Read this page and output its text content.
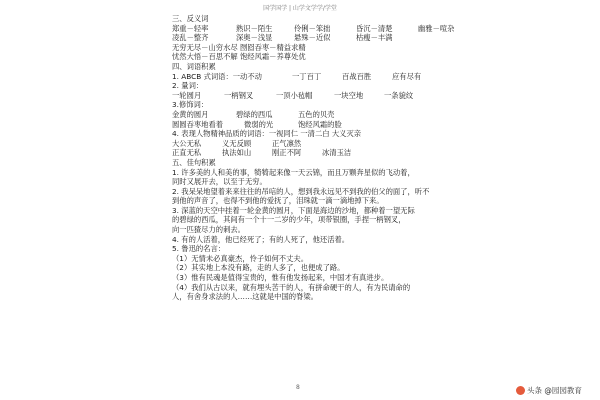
国学国学 | 山学文学学/学堂
三、反义词
郑重－轻率	熟识－陌生	伶俐－笨拙	昏沉－清楚	幽雅－喧杂
凌乱－整齐	深奥－浅显	悬殊－近似	枯瘦－丰满
无穷无尽－山穷水尽 囫囵吞枣－精益求精
忧然大悟－百思不解 饱经风霜－养尊处优
四、词语积累
1. ABCB 式词语：一动不动	一丁百丁	百战百胜	应有尽有
2. 量词：
一轮圆月	一柄钢叉	一顶小毡帽	一块空地	一条貌纹
3.修饰词：
金黄的圆月	碧绿的西瓜	五色的贝壳
圆圆吞枣地看着	微弱的光	饱经风霜的脸
4. 表现人物精神品质的词语：一视同仁 一清二白 大义灭亲
大公无私	义无反顾	正气凛然
正直无私	执法如山	刚正不阿	冰清玉洁
五、佳句积累
1. 许多美的人和美的事，犄犄起来像一天云锦，而且万颗奔星似的飞动着，
同时又展开去，以至于无穷。
2. 我呆呆地望着来来往往的吊唁的人，想到我永远见不到我的伯父的面了，听不
到他的声音了，也得不到他的爱抚了，泪珠就一滴一滴地掉下来。
3. 深蓝的天空中挂着一轮金黄的圆月，下面是海边的沙地，都种着一望无际
的碧绿的西瓜，其间有一个十一二岁的少年，项带银圈，手捏一柄钢叉，
向一匹猹尽力的刺去。
4. 有的人活着，他已经死了；有的人死了，他还活着。
5. 鲁迅的名言：
（1）无情未必真豪杰，怜子如何不丈夫。
（2）其实地上本没有路，走的人多了，也便成了路。
（3）惟有民魂是值得宝贵的，惟有他发扬起来，中国才有真进步。
（4）我们从古以来，就有埋头苦干的人，有拼命硬干的人，有为民请命的
人，有舍身求法的人……这就是中国的脊梁。
8	头条 @园园教育
